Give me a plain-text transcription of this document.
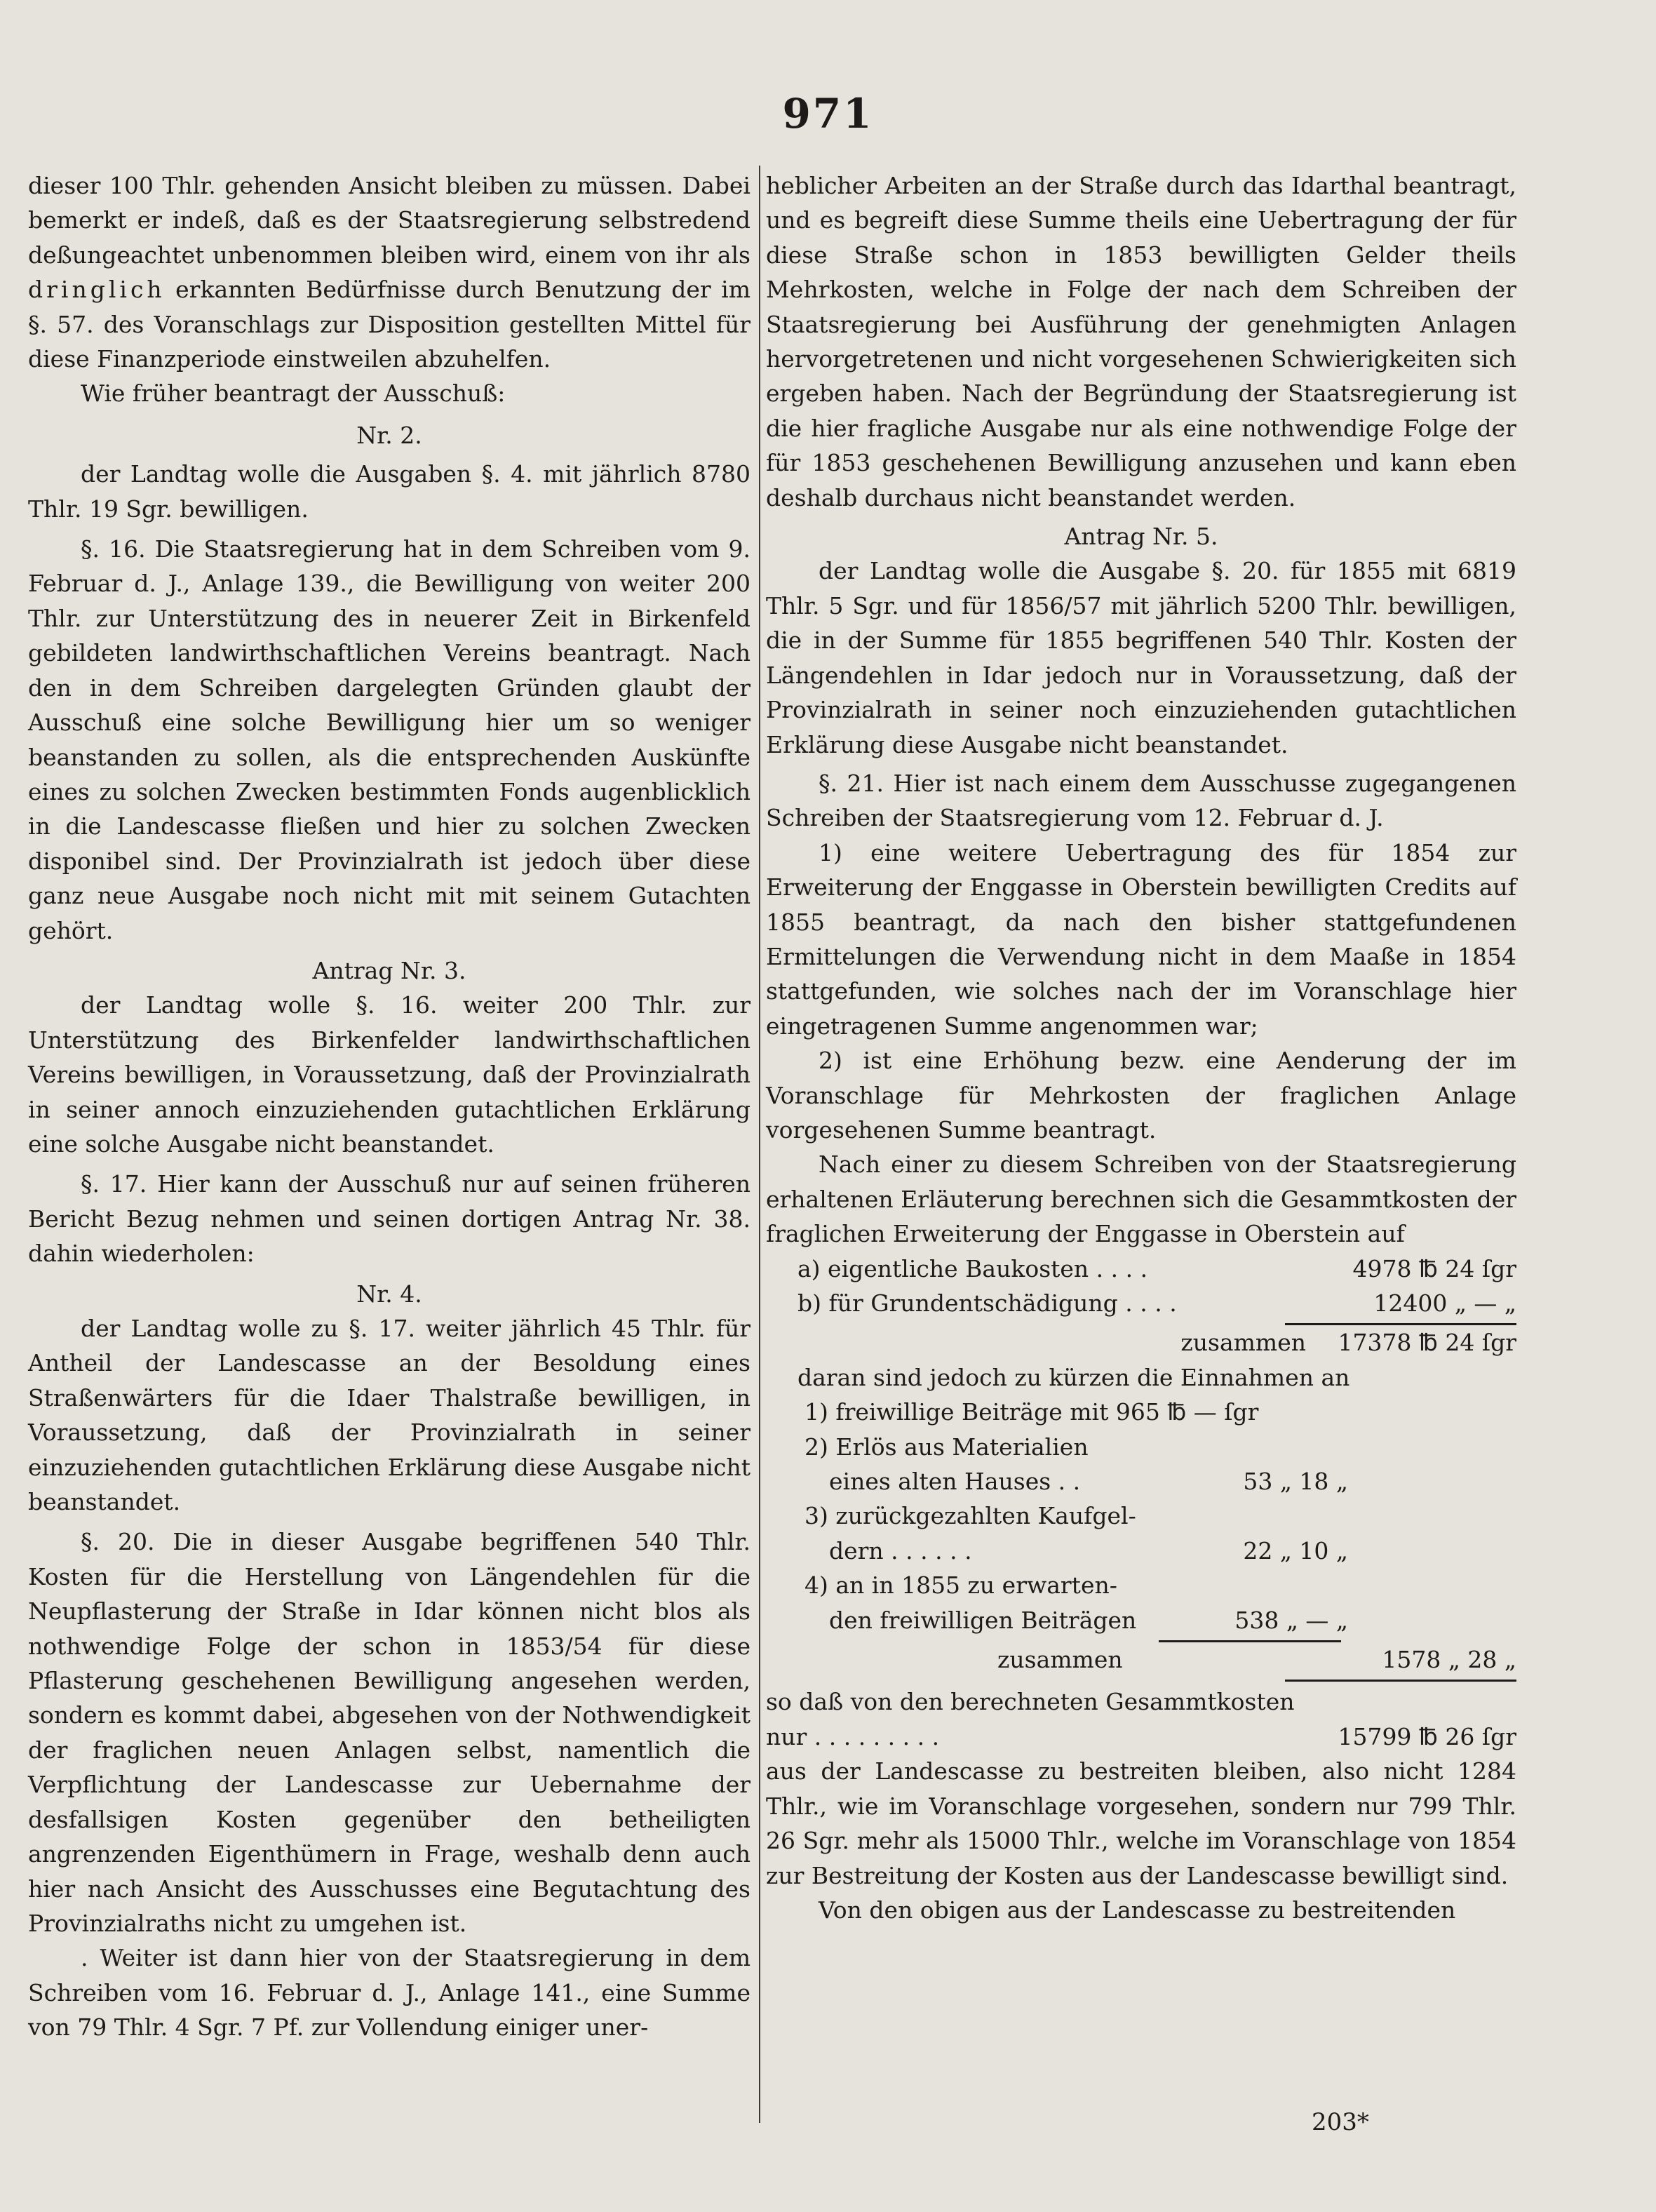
971

dieser 100 Thlr. gehenden Ansicht bleiben zu müssen. Dabei bemerkt er indeß, daß es der Staatsregierung selbstredend deßungeachtet unbenommen bleiben wird, einem von ihr als dringlich erkannten Bedürfnisse durch Benutzung der im §. 57. des Voranschlags zur Disposition gestellten Mittel für diese Finanzperiode einstweilen abzuhelfen.

Wie früher beantragt der Ausschuß:

Nr. 2.

der Landtag wolle die Ausgaben §. 4. mit jährlich 8780 Thlr. 19 Sgr. bewilligen.

§. 16. Die Staatsregierung hat in dem Schreiben vom 9. Februar d. J., Anlage 139., die Bewilligung von weiter 200 Thlr. zur Unterstützung des in neuerer Zeit in Birkenfeld gebildeten landwirthschaftlichen Vereins beantragt. Nach den in dem Schreiben dargelegten Gründen glaubt der Ausschuß eine solche Bewilligung hier um so weniger beanstanden zu sollen, als die entsprechenden Auskünfte eines zu solchen Zwecken bestimmten Fonds augenblicklich in die Landescasse fließen und hier zu solchen Zwecken disponibel sind. Der Provinzialrath ist jedoch über diese ganz neue Ausgabe noch nicht mit mit seinem Gutachten gehört.

Antrag Nr. 3.

der Landtag wolle §. 16. weiter 200 Thlr. zur Unterstützung des Birkenfelder landwirthschaftlichen Vereins bewilligen, in Voraussetzung, daß der Provinzialrath in seiner annoch einzuziehenden gutachtlichen Erklärung eine solche Ausgabe nicht beanstandet.

§. 17. Hier kann der Ausschuß nur auf seinen früheren Bericht Bezug nehmen und seinen dortigen Antrag Nr. 38. dahin wiederholen:

Nr. 4.

der Landtag wolle zu §. 17. weiter jährlich 45 Thlr. für Antheil der Landescasse an der Besoldung eines Straßenwärters für die Idaer Thalstraße bewilligen, in Voraussetzung, daß der Provinzialrath in seiner einzuziehenden gutachtlichen Erklärung diese Ausgabe nicht beanstandet.

§. 20. Die in dieser Ausgabe begriffenen 540 Thlr. Kosten für die Herstellung von Längendehlen für die Neupflasterung der Straße in Idar können nicht blos als nothwendige Folge der schon in 1853/54 für diese Pflasterung geschehenen Bewilligung angesehen werden, sondern es kommt dabei, abgesehen von der Nothwendigkeit der fraglichen neuen Anlagen selbst, namentlich die Verpflichtung der Landescasse zur Uebernahme der desfallsigen Kosten gegenüber den betheiligten angrenzenden Eigenthümern in Frage, weshalb denn auch hier nach Ansicht des Ausschusses eine Begutachtung des Provinzialraths nicht zu umgehen ist.

. Weiter ist dann hier von der Staatsregierung in dem Schreiben vom 16. Februar d. J., Anlage 141., eine Summe von 79 Thlr. 4 Sgr. 7 Pf. zur Vollendung einiger uner-

heblicher Arbeiten an der Straße durch das Idarthal beantragt, und es begreift diese Summe theils eine Uebertragung der für diese Straße schon in 1853 bewilligten Gelder theils Mehrkosten, welche in Folge der nach dem Schreiben der Staatsregierung bei Ausführung der genehmigten Anlagen hervorgetretenen und nicht vorgesehenen Schwierigkeiten sich ergeben haben. Nach der Begründung der Staatsregierung ist die hier fragliche Ausgabe nur als eine nothwendige Folge der für 1853 geschehenen Bewilligung anzusehen und kann eben deshalb durchaus nicht beanstandet werden.

Antrag Nr. 5.

der Landtag wolle die Ausgabe §. 20. für 1855 mit 6819 Thlr. 5 Sgr. und für 1856/57 mit jährlich 5200 Thlr. bewilligen, die in der Summe für 1855 begriffenen 540 Thlr. Kosten der Längendehlen in Idar jedoch nur in Voraussetzung, daß der Provinzialrath in seiner noch einzuziehenden gutachtlichen Erklärung diese Ausgabe nicht beanstandet.

§. 21. Hier ist nach einem dem Ausschusse zugegangenen Schreiben der Staatsregierung vom 12. Februar d. J.

1) eine weitere Uebertragung des für 1854 zur Erweiterung der Enggasse in Oberstein bewilligten Credits auf 1855 beantragt, da nach den bisher stattgefundenen Ermittelungen die Verwendung nicht in dem Maaße in 1854 stattgefunden, wie solches nach der im Voranschlage hier eingetragenen Summe angenommen war;

2) ist eine Erhöhung bezw. eine Aenderung der im Voranschlage für Mehrkosten der fraglichen Anlage vorgesehenen Summe beantragt.

Nach einer zu diesem Schreiben von der Staatsregierung erhaltenen Erläuterung berechnen sich die Gesammtkosten der fraglichen Erweiterung der Enggasse in Oberstein auf

a) eigentliche Baukosten . . . .	4978 ℔ 24 ſgr
b) für Grundentschädigung . . . .	12400 „ — „
zusammen	17378 ℔ 24 ſgr

daran sind jedoch zu kürzen die Einnahmen an

1) freiwillige Beiträge mit 965 ℔ — ſgr
2) Erlös aus Materialien
eines alten Hauses . .	53 „ 18 „
3) zurückgezahlten Kaufgel-
dern . . . . . .	22 „ 10 „
4) an in 1855 zu erwarten-
den freiwilligen Beiträgen	538 „ — „
zusammen	1578 „ 28 „

so daß von den berechneten Gesammtkosten

nur . . . . . . . . .	15799 ℔ 26 ſgr

aus der Landescasse zu bestreiten bleiben, also nicht 1284 Thlr., wie im Voranschlage vorgesehen, sondern nur 799 Thlr. 26 Sgr. mehr als 15000 Thlr., welche im Voranschlage von 1854 zur Bestreitung der Kosten aus der Landescasse bewilligt sind.

Von den obigen aus der Landescasse zu bestreitenden

203*
